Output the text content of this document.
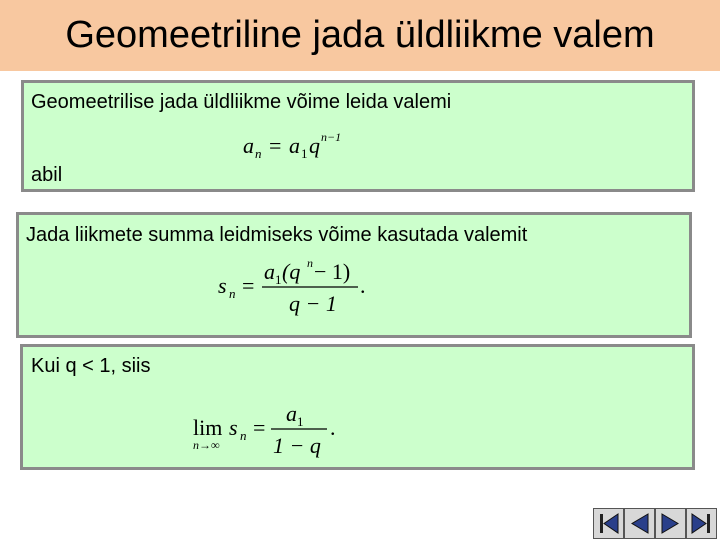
Geomeetriline jada üldliikme valem
Geomeetrilise jada üldliikme võime leida valemi
a n = a 1 q n−1
abil
Jada liikmete summa leidmiseks võime kasutada valemit
s n =
a 1 (q n − 1)
q − 1
.
Kui q < 1, siis
lim
n→∞
s n =
a 1
1 − q
.
